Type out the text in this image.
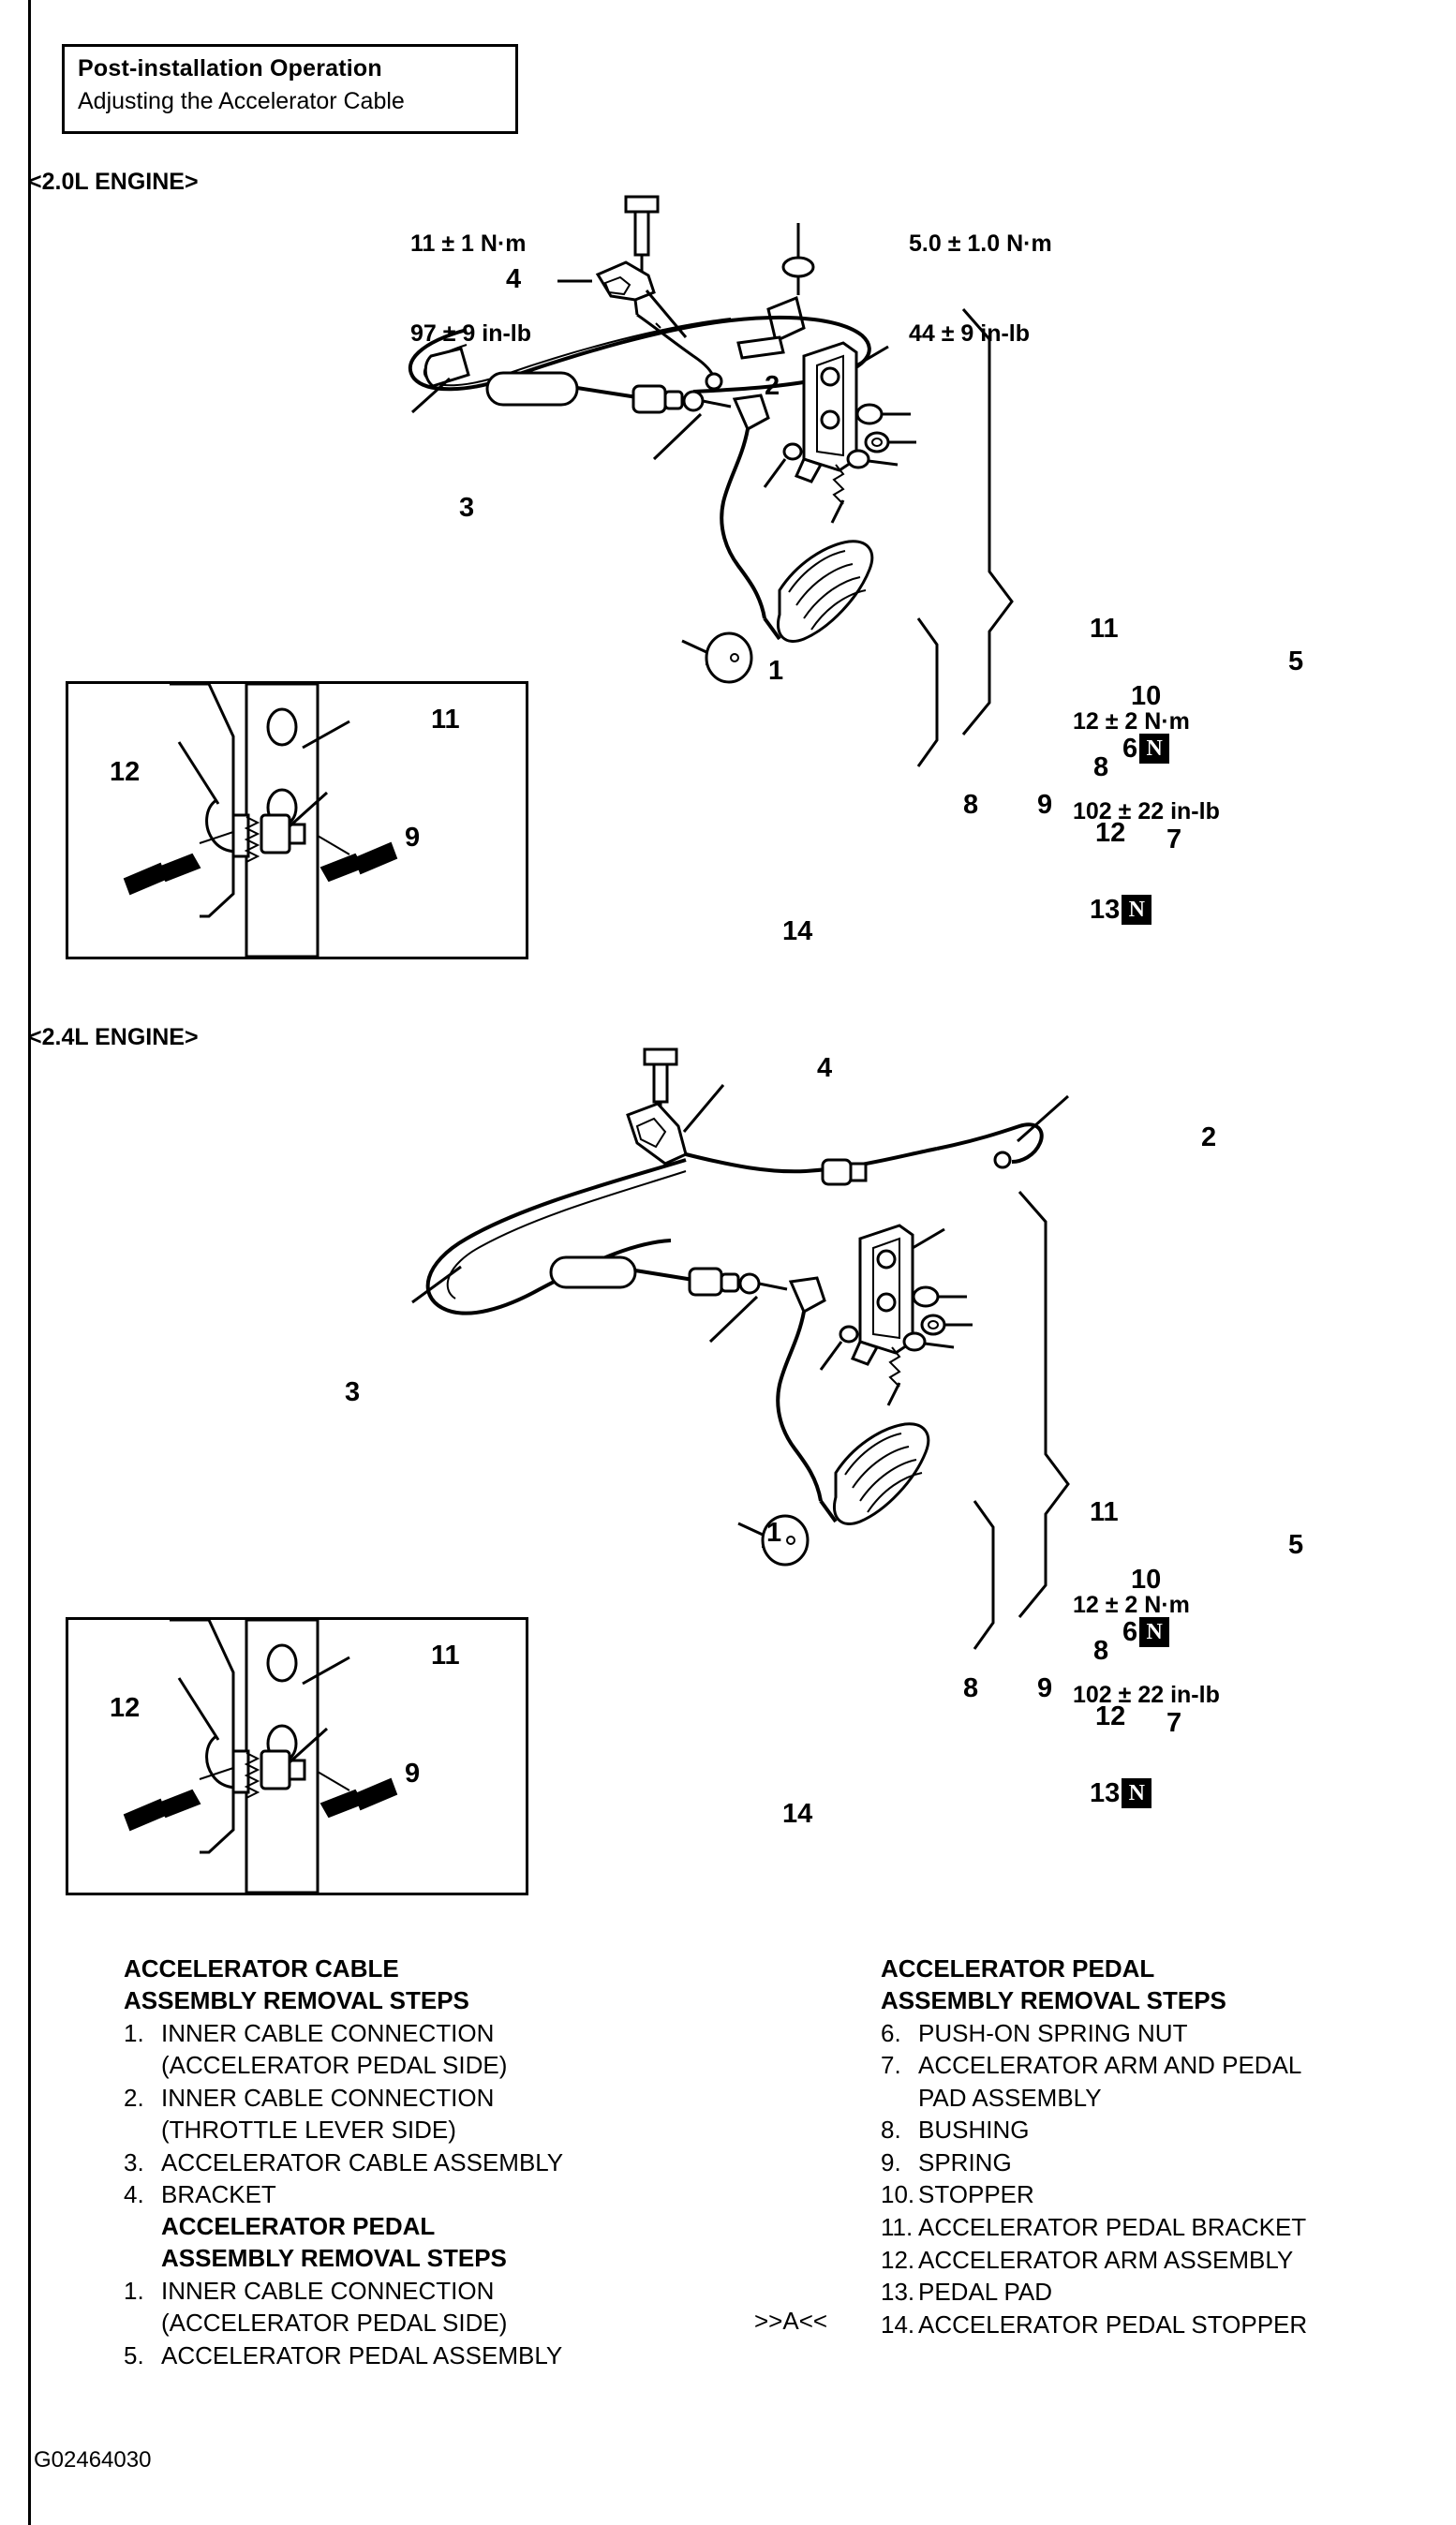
Post-installation Operation
Adjusting the Accelerator Cable
<2.0L ENGINE>

11 ± 1 N·m

97 ± 9 in-lb

5.0 ± 1.0 N·m

44 ± 9 in-lb

4
2
3
1
11
10
6 N
8
8 9
12
5
7
13 N
14

12 ± 2 N·m

102 ± 22 in-lb

11
12
9
<2.4L ENGINE>
4
2
3
1
11
10
6 N
8
8 9
12
5
7
13 N
14

12 ± 2 N·m

102 ± 22 in-lb

11
12
9
ACCELERATOR CABLE
ASSEMBLY REMOVAL STEPS
1. INNER CABLE CONNECTION
(ACCELERATOR PEDAL SIDE)
2. INNER CABLE CONNECTION
(THROTTLE LEVER SIDE)
3. ACCELERATOR CABLE ASSEMBLY
4. BRACKET
ACCELERATOR PEDAL
ASSEMBLY REMOVAL STEPS
1. INNER CABLE CONNECTION
(ACCELERATOR PEDAL SIDE)
5. ACCELERATOR PEDAL ASSEMBLY
ACCELERATOR PEDAL
ASSEMBLY REMOVAL STEPS
6. PUSH-ON SPRING NUT
7. ACCELERATOR ARM AND PEDAL
PAD ASSEMBLY
8. BUSHING
9. SPRING
10. STOPPER
11. ACCELERATOR PEDAL BRACKET
12. ACCELERATOR ARM ASSEMBLY
13. PEDAL PAD
14. ACCELERATOR PEDAL STOPPER
>>A<<
G02464030
